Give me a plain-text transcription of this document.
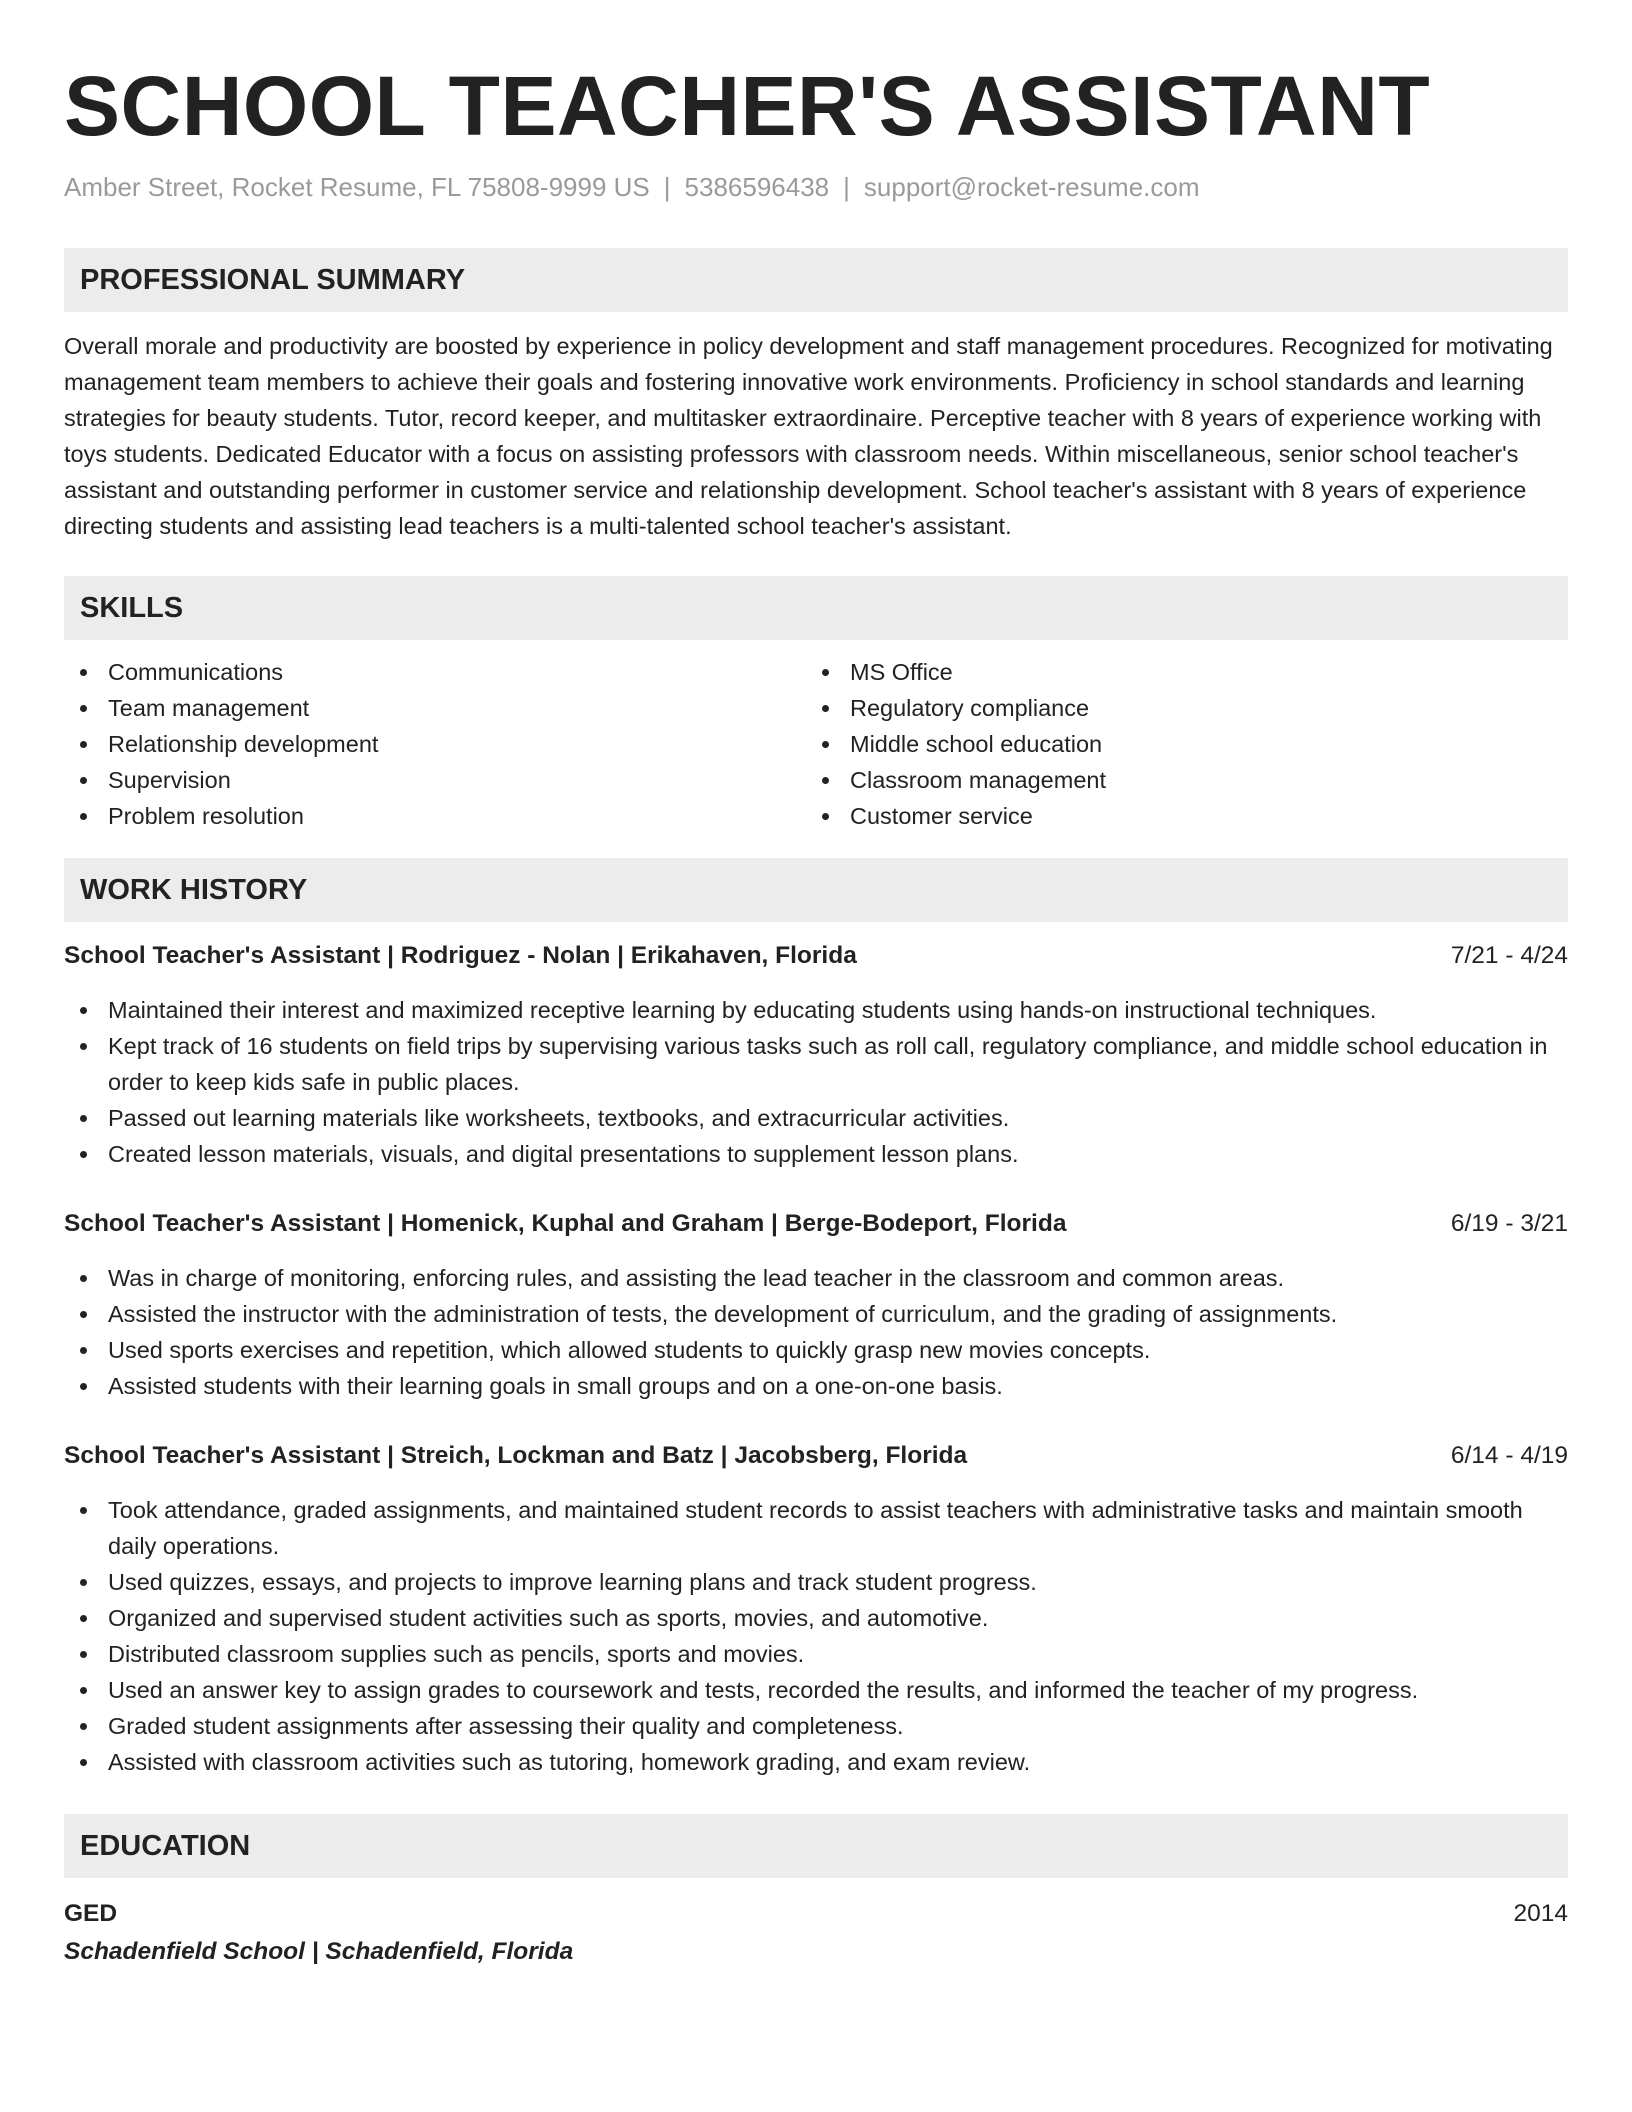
SCHOOL TEACHER'S ASSISTANT
Amber Street, Rocket Resume, FL 75808-9999 US | 5386596438 | support@rocket-resume.com
PROFESSIONAL SUMMARY

Overall morale and productivity are boosted by experience in policy development and staff management procedures. Recognized for motivating management team members to achieve their goals and fostering innovative work environments. Proficiency in school standards and learning strategies for beauty students. Tutor, record keeper, and multitasker extraordinaire. Perceptive teacher with 8 years of experience working with toys students. Dedicated Educator with a focus on assisting professors with classroom needs. Within miscellaneous, senior school teacher's assistant and outstanding performer in customer service and relationship development. School teacher's assistant with 8 years of experience directing students and assisting lead teachers is a multi-talented school teacher's assistant.

SKILLS
Communications
Team management
Relationship development
Supervision
Problem resolution
MS Office
Regulatory compliance
Middle school education
Classroom management
Customer service
WORK HISTORY
School Teacher's Assistant | Rodriguez - Nolan | Erikahaven, Florida	7/21 - 4/24
Maintained their interest and maximized receptive learning by educating students using hands-on instructional techniques.
Kept track of 16 students on field trips by supervising various tasks such as roll call, regulatory compliance, and middle school education in order to keep kids safe in public places.
Passed out learning materials like worksheets, textbooks, and extracurricular activities.
Created lesson materials, visuals, and digital presentations to supplement lesson plans.
School Teacher's Assistant | Homenick, Kuphal and Graham | Berge-Bodeport, Florida	6/19 - 3/21
Was in charge of monitoring, enforcing rules, and assisting the lead teacher in the classroom and common areas.
Assisted the instructor with the administration of tests, the development of curriculum, and the grading of assignments.
Used sports exercises and repetition, which allowed students to quickly grasp new movies concepts.
Assisted students with their learning goals in small groups and on a one-on-one basis.
School Teacher's Assistant | Streich, Lockman and Batz | Jacobsberg, Florida	6/14 - 4/19
Took attendance, graded assignments, and maintained student records to assist teachers with administrative tasks and maintain smooth daily operations.
Used quizzes, essays, and projects to improve learning plans and track student progress.
Organized and supervised student activities such as sports, movies, and automotive.
Distributed classroom supplies such as pencils, sports and movies.
Used an answer key to assign grades to coursework and tests, recorded the results, and informed the teacher of my progress.
Graded student assignments after assessing their quality and completeness.
Assisted with classroom activities such as tutoring, homework grading, and exam review.
EDUCATION
GED	2014
Schadenfield School | Schadenfield, Florida
